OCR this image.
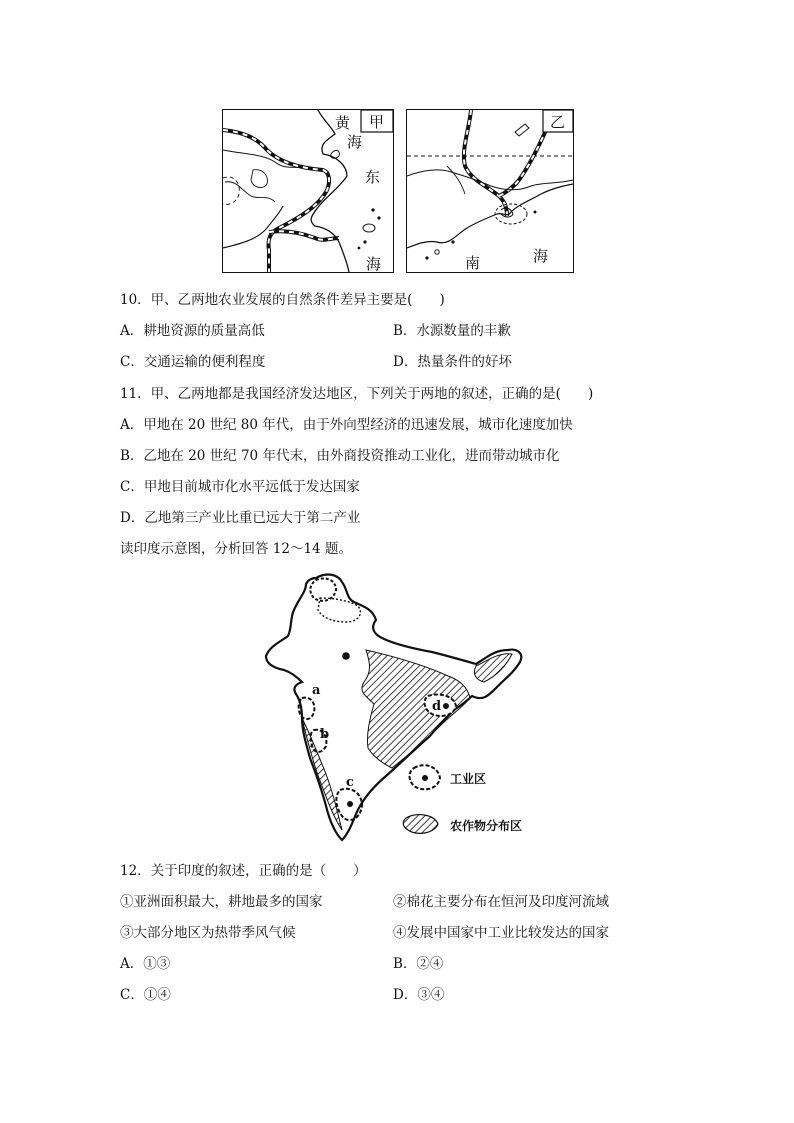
甲
黄
海
东
海
乙
南	海
10．甲、乙两地农业发展的自然条件差异主要是(　　)
A．耕地资源的质量高低	B．水源数量的丰歉
C．交通运输的便利程度	D．热量条件的好坏
11．甲、乙两地都是我国经济发达地区，下列关于两地的叙述，正确的是(　　)
A．甲地在 20 世纪 80 年代，由于外向型经济的迅速发展，城市化速度加快
B．乙地在 20 世纪 70 年代末，由外商投资推动工业化，进而带动城市化
C．甲地目前城市化水平远低于发达国家
D．乙地第三产业比重已远大于第二产业
读印度示意图，分析回答 12～14 题。
a
b
c
d
工业区
农作物分布区
12．关于印度的叙述，正确的是（　　）
①亚洲面积最大，耕地最多的国家	②棉花主要分布在恒河及印度河流域
③大部分地区为热带季风气候	④发展中国家中工业比较发达的国家
A．①③	B．②④
C．①④	D．③④
